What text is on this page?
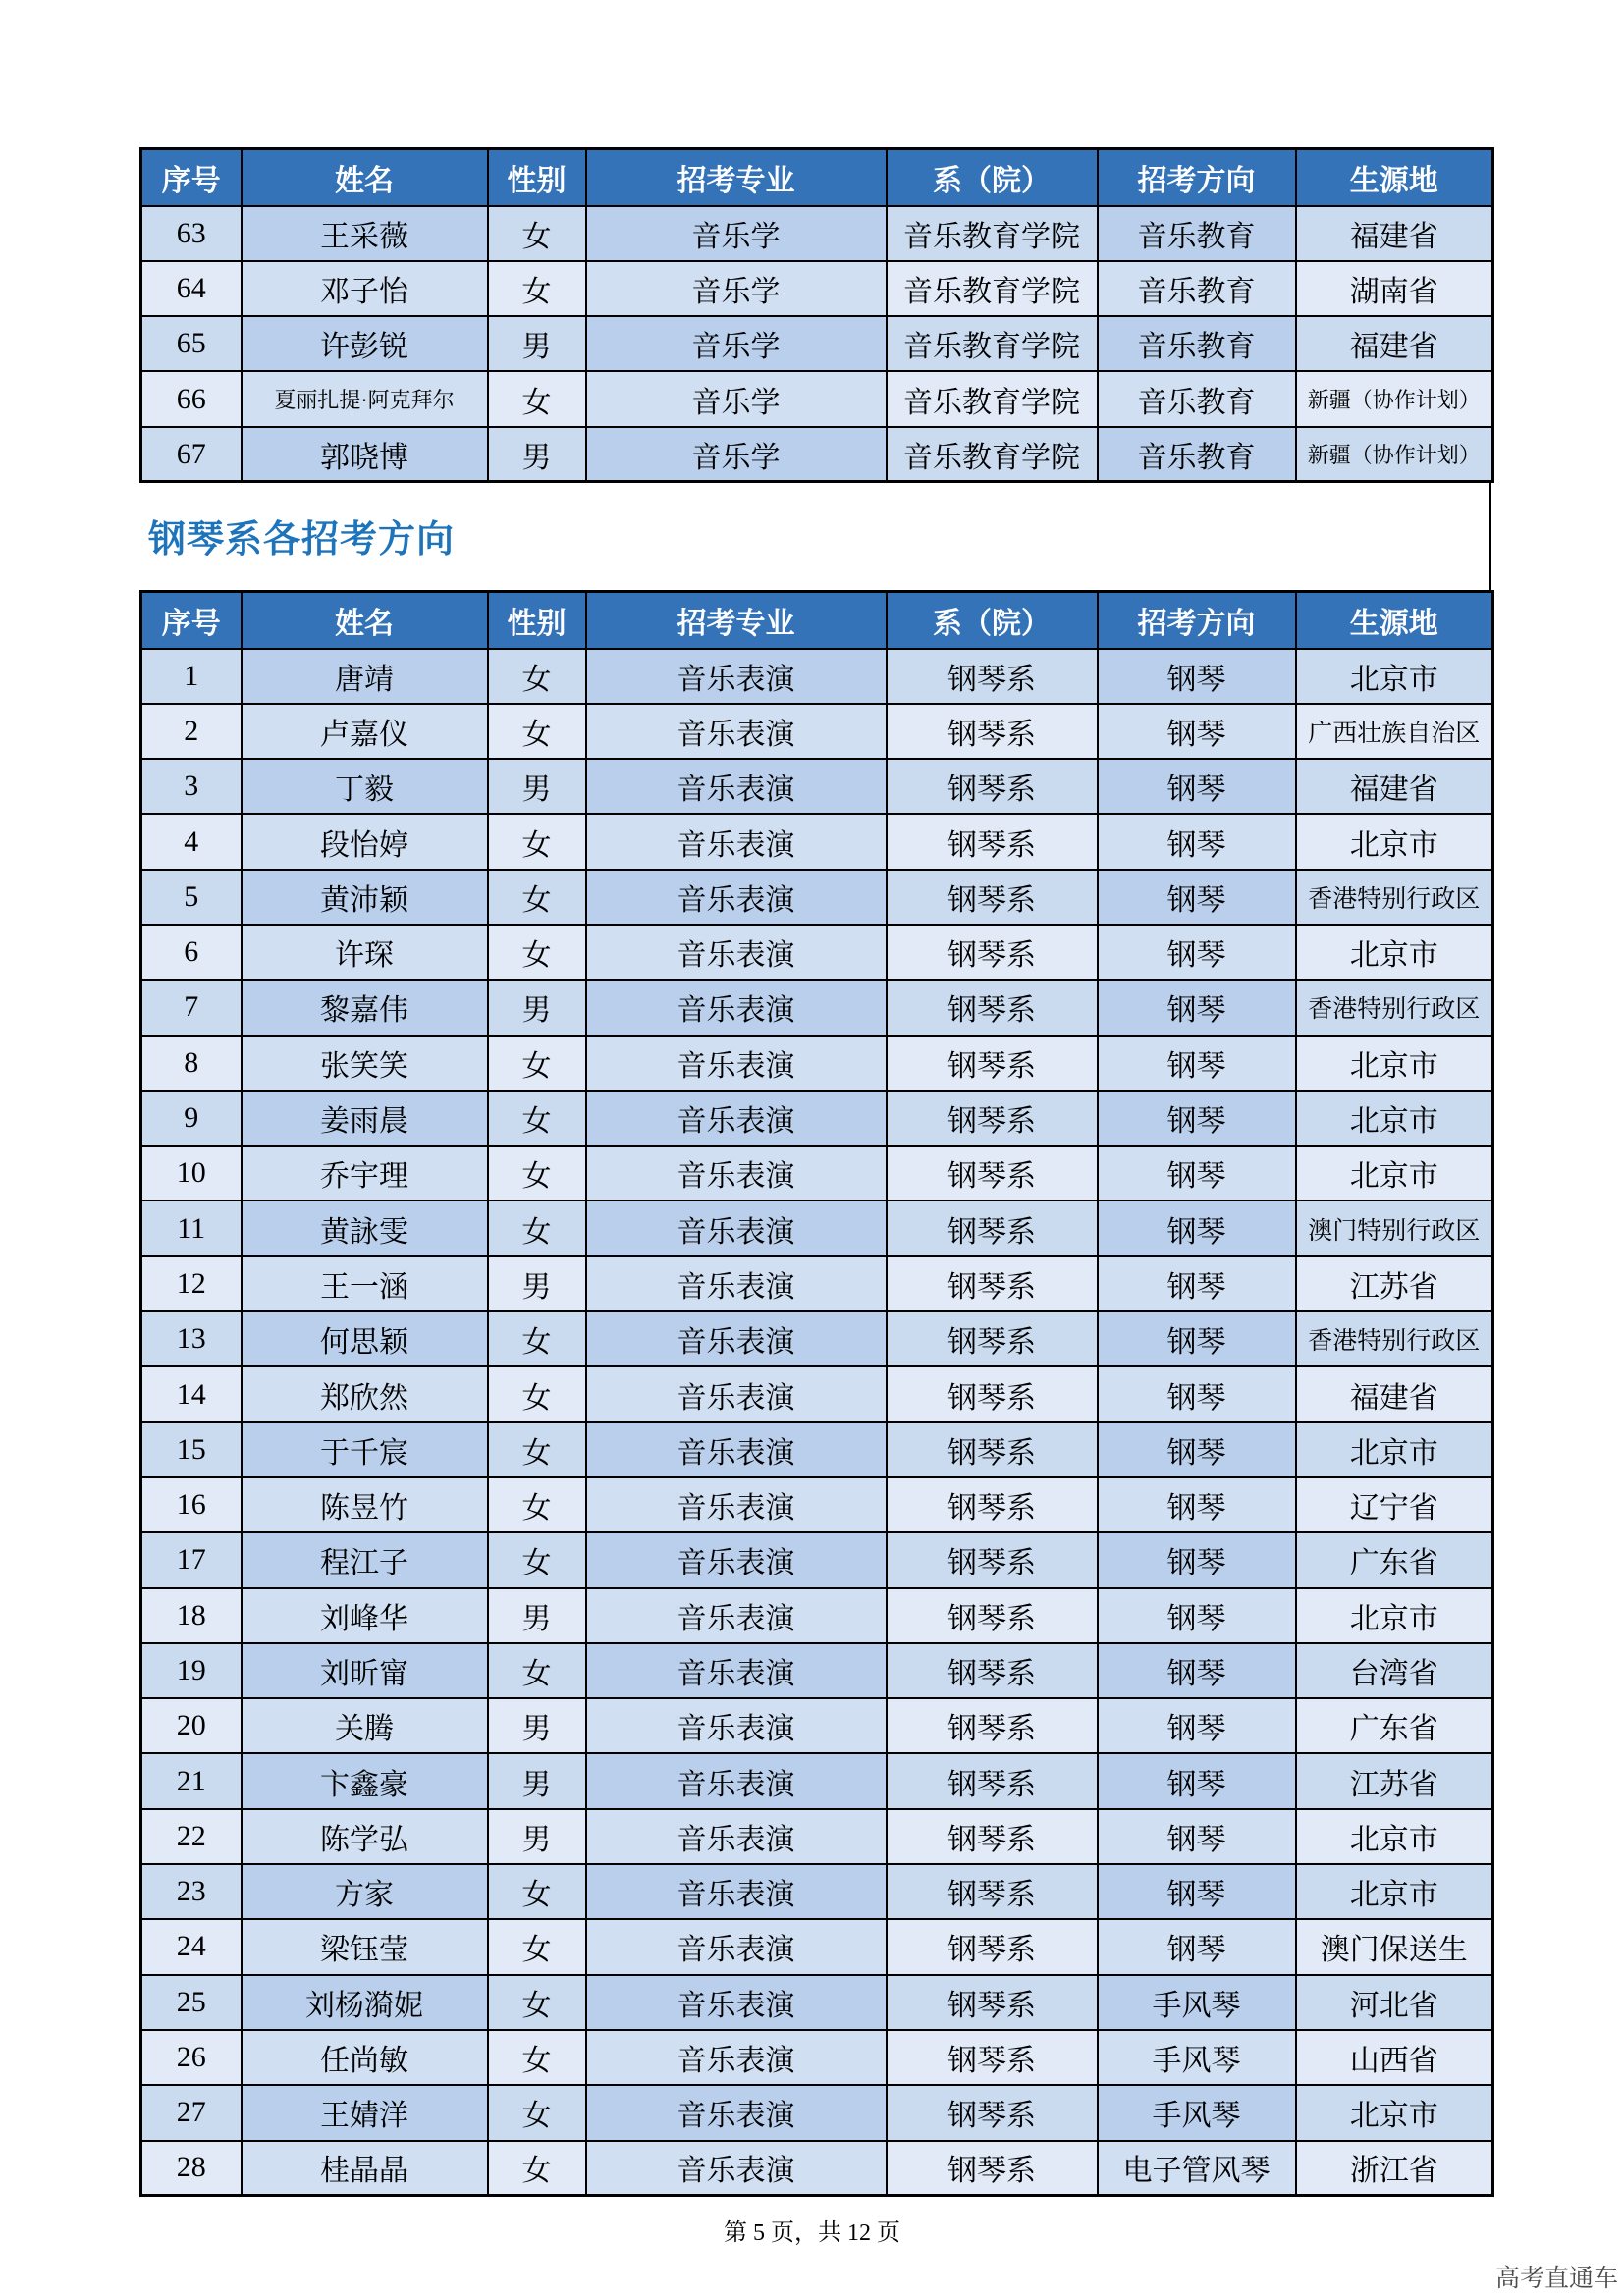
序号	姓名	性别	招考专业	系（院）	招考方向	生源地
63	王采薇	女	音乐学	音乐教育学院	音乐教育	福建省
64	邓子怡	女	音乐学	音乐教育学院	音乐教育	湖南省
65	许彭锐	男	音乐学	音乐教育学院	音乐教育	福建省
66	夏丽扎提·阿克拜尔	女	音乐学	音乐教育学院	音乐教育	新疆（协作计划）
67	郭晓博	男	音乐学	音乐教育学院	音乐教育	新疆（协作计划）
钢琴系各招考方向
序号	姓名	性别	招考专业	系（院）	招考方向	生源地
1	唐靖	女	音乐表演	钢琴系	钢琴	北京市
2	卢嘉仪	女	音乐表演	钢琴系	钢琴	广西壮族自治区
3	丁毅	男	音乐表演	钢琴系	钢琴	福建省
4	段怡婷	女	音乐表演	钢琴系	钢琴	北京市
5	黄沛颖	女	音乐表演	钢琴系	钢琴	香港特别行政区
6	许琛	女	音乐表演	钢琴系	钢琴	北京市
7	黎嘉伟	男	音乐表演	钢琴系	钢琴	香港特别行政区
8	张笑笑	女	音乐表演	钢琴系	钢琴	北京市
9	姜雨晨	女	音乐表演	钢琴系	钢琴	北京市
10	乔宇理	女	音乐表演	钢琴系	钢琴	北京市
11	黄詠雯	女	音乐表演	钢琴系	钢琴	澳门特别行政区
12	王一涵	男	音乐表演	钢琴系	钢琴	江苏省
13	何思颖	女	音乐表演	钢琴系	钢琴	香港特别行政区
14	郑欣然	女	音乐表演	钢琴系	钢琴	福建省
15	于千宸	女	音乐表演	钢琴系	钢琴	北京市
16	陈昱竹	女	音乐表演	钢琴系	钢琴	辽宁省
17	程江子	女	音乐表演	钢琴系	钢琴	广东省
18	刘峰华	男	音乐表演	钢琴系	钢琴	北京市
19	刘昕甯	女	音乐表演	钢琴系	钢琴	台湾省
20	关腾	男	音乐表演	钢琴系	钢琴	广东省
21	卞鑫豪	男	音乐表演	钢琴系	钢琴	江苏省
22	陈学弘	男	音乐表演	钢琴系	钢琴	北京市
23	方家	女	音乐表演	钢琴系	钢琴	北京市
24	梁钰莹	女	音乐表演	钢琴系	钢琴	澳门保送生
25	刘杨漪妮	女	音乐表演	钢琴系	手风琴	河北省
26	任尚敏	女	音乐表演	钢琴系	手风琴	山西省
27	王婧洋	女	音乐表演	钢琴系	手风琴	北京市
28	桂晶晶	女	音乐表演	钢琴系	电子管风琴	浙江省
第 5 页，共 12 页
高考直通车
